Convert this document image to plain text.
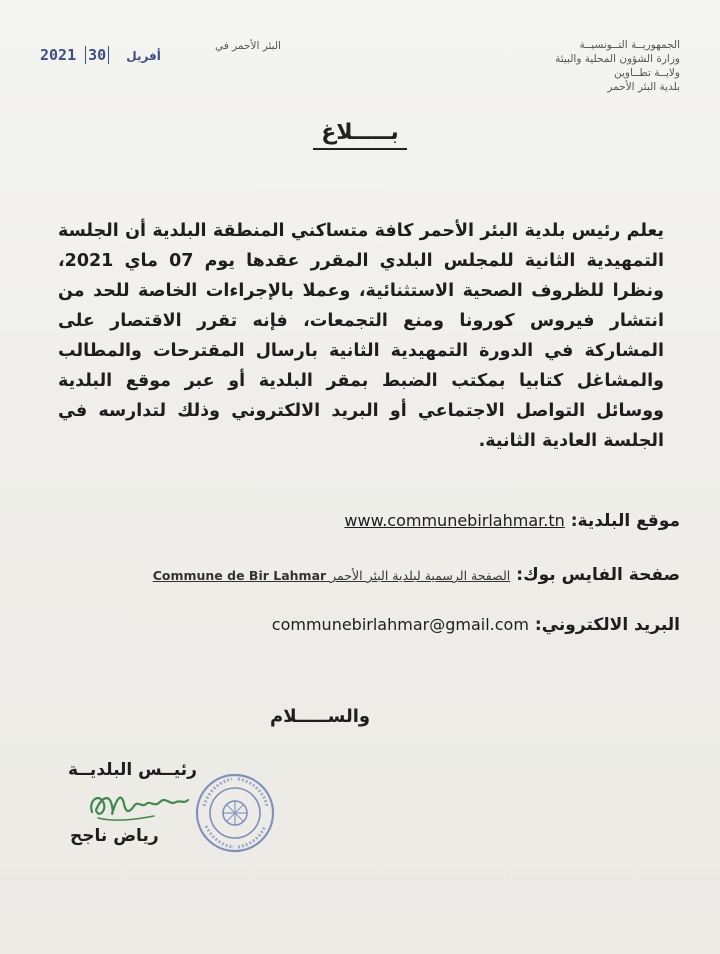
الجمهوريــة التــونسيــة
وزارة الشؤون المحلية والبيئة
ولايــة تطــاوين
بلدية البئر الأحمر
البئر الأحمر في
2021	أفريل 30
بـــــلاغ
يعلم رئيس بلدية البئر الأحمر كافة متساكني المنطقة البلدية أن الجلسة التمهيدية الثانية للمجلس البلدي المقرر عقدها يوم 07 ماي 2021، ونظرا للظروف الصحية الاستثنائية، وعملا بالإجراءات الخاصة للحد من انتشار فيروس كورونا ومنع التجمعات، فإنه تقرر الاقتصار على المشاركة في الدورة التمهيدية الثانية بارسال المقترحات والمطالب والمشاغل كتابيا بمكتب الضبط بمقر البلدية أو عبر موقع البلدية ووسائل التواصل الاجتماعي أو البريد الالكتروني وذلك لتدارسه في الجلسة العادية الثانية.
موقع البلدية:
www.communebirlahmar.tn
صفحة الفايس بوك:
الصفحة الرسمية لبلدية البئر الأحمر Commune de Bir Lahmar
البريد الالكتروني:
communebirlahmar@gmail.com
والســـــلام
رئيــس البلديــة
رياض ناجح
